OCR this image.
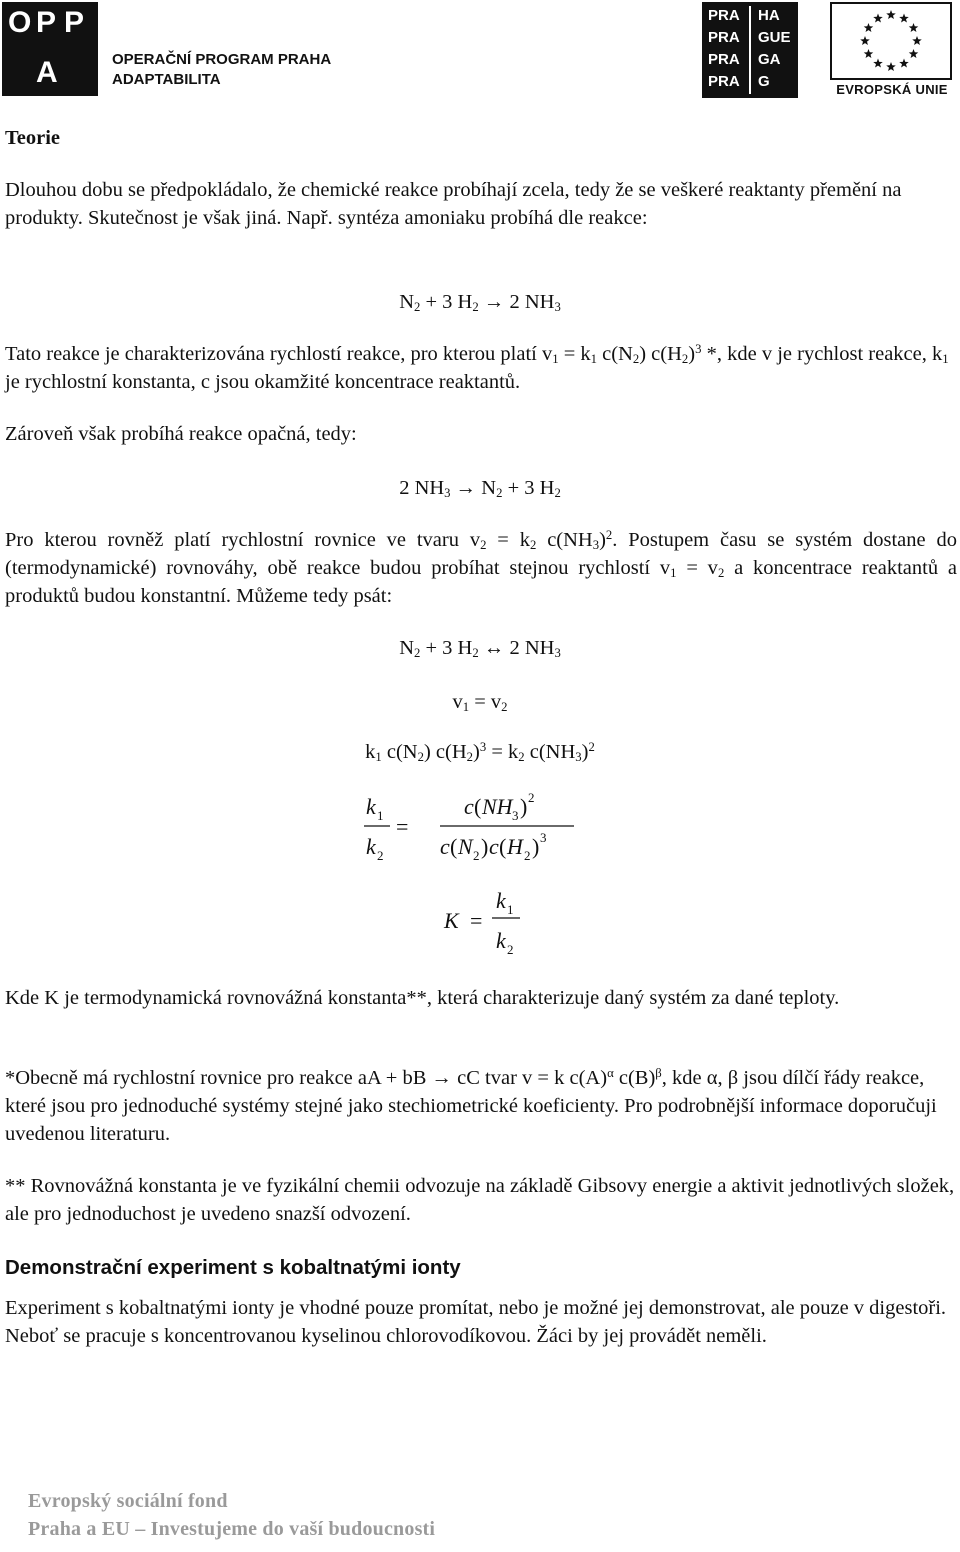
O P P
A	OPERAČNÍ PROGRAM PRAHA
ADAPTABILITA
PRA HA
PRA GUE
PRA GA
PRA G	EVROPSKÁ UNIE
Teorie

Dlouhou dobu se předpokládalo, že chemické reakce probíhají zcela, tedy že se veškeré reaktanty přemění na produkty. Skutečnost je však jiná. Např. syntéza amoniaku probíhá dle reakce:

$N_2 + 3$ $H_2 \to 2$ $NH_3$

Tato reakce je charakterizována rychlostí reakce, pro kterou platí $v_1 = k_1$ $c(N_2)$ $c(H_2)^3$ *, kde v je rychlost reakce, $k_1$ je rychlostní konstanta, c jsou okamžité koncentrace reaktantů.

Zároveň však probíhá reakce opačná, tedy:

2 $NH_3 \to N_2 + 3$ $H_2$

Pro kterou rovněž platí rychlostní rovnice ve tvaru $v_2 = k_2$ $c(NH_3)^2$. Postupem času se systém dostane do (termodynamické) rovnováhy, obě reakce budou probíhat stejnou rychlostí $v_1 = v_2$ a koncentrace reaktantů a produktů budou konstantní. Můžeme tedy psát:

$N_2 + 3$ $H_2$ ↔ 2 $NH_3$
$v_1 = v_2$
$k_1$ $c(N_2) c(H_2)^3 = k_2$ $c(NH_3)^2$
k 1
k 2
=
c ( NH 3 ) 2
c ( N 2 ) c ( H 2 ) 3
K =
k 1
k 2

Kde K je termodynamická rovnovážná konstanta**, která charakterizuje daný systém za dané teploty.

*Obecně má rychlostní rovnice pro reakce aA + bB → cC tvar v = k $c(A)^\alpha$ $c(B)^\beta$, kde α, β jsou dílčí řády reakce, které jsou pro jednoduché systémy stejné jako stechiometrické koeficienty. Pro podrobnější informace doporučuji uvedenou literaturu.

** Rovnovážná konstanta je ve fyzikální chemii odvozuje na základě Gibsovy energie a aktivit jednotlivých složek, ale pro jednoduchost je uvedeno snazší odvození.

Demonstrační experiment s kobaltnatými ionty

Experiment s kobaltnatými ionty je vhodné pouze promítat, nebo je možné jej demonstrovat, ale pouze v digestoři. Neboť se pracuje s koncentrovanou kyselinou chlorovodíkovou. Žáci by jej provádět neměli.

Evropský sociální fond
Praha a EU – Investujeme do vaší budoucnosti
